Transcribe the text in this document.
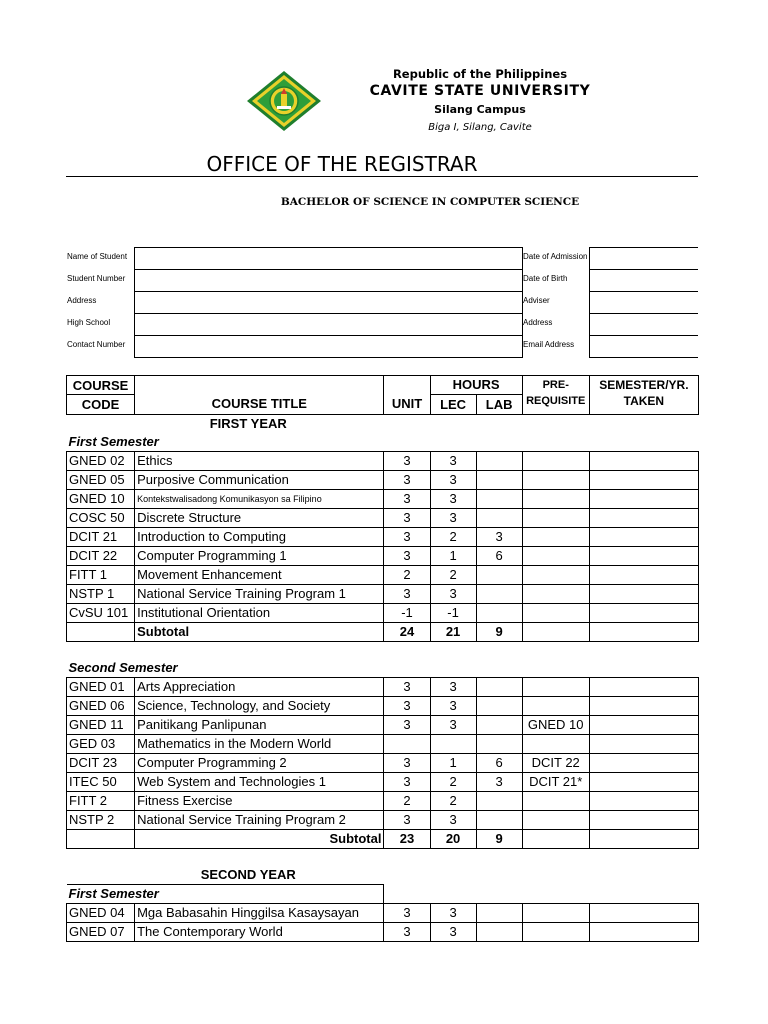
Republic of the Philippines
CAVITE STATE UNIVERSITY
Silang Campus
Biga I, Silang, Cavite
OFFICE OF THE REGISTRAR
BACHELOR OF SCIENCE IN COMPUTER SCIENCE
Name of Student
Student Number
Address
High School
Contact Number
Date of Admission
Date of Birth
Adviser
Address
Email Address
COURSE			HOURS		PRE-	SEMESTER/YR.
CODE	COURSE TITLE	UNIT	LEC	LAB	REQUISITE	TAKEN
FIRST YEAR						
First Semester						
GNED 02	Ethics	3	3			
GNED 05	Purposive Communication	3	3			
GNED 10	Kontekstwalisadong Komunikasyon sa Filipino	3	3			
COSC 50	Discrete Structure	3	3			
DCIT 21	Introduction to Computing	3	2	3		
DCIT 22	Computer Programming 1	3	1	6		
FITT 1	Movement Enhancement	2	2			
NSTP 1	National Service Training Program 1	3	3			
CvSU 101	Institutional Orientation	-1	-1			
	Subtotal	24	21	9		

Second Semester						
GNED 01	Arts Appreciation	3	3			
GNED 06	Science, Technology, and Society	3	3			
GNED 11	Panitikang Panlipunan	3	3		GNED 10	
GED 03	Mathematics in the Modern World					
DCIT 23	Computer Programming 2	3	1	6	DCIT 22	
ITEC 50	Web System and Technologies 1	3	2	3	DCIT 21*	
FITT 2	Fitness Exercise	2	2			
NSTP 2	National Service Training Program 2	3	3			
	Subtotal	23	20	9		

SECOND YEAR						
First Semester						
GNED 04	Mga Babasahin Hinggilsa Kasaysayan	3	3			
GNED 07	The Contemporary World	3	3			
